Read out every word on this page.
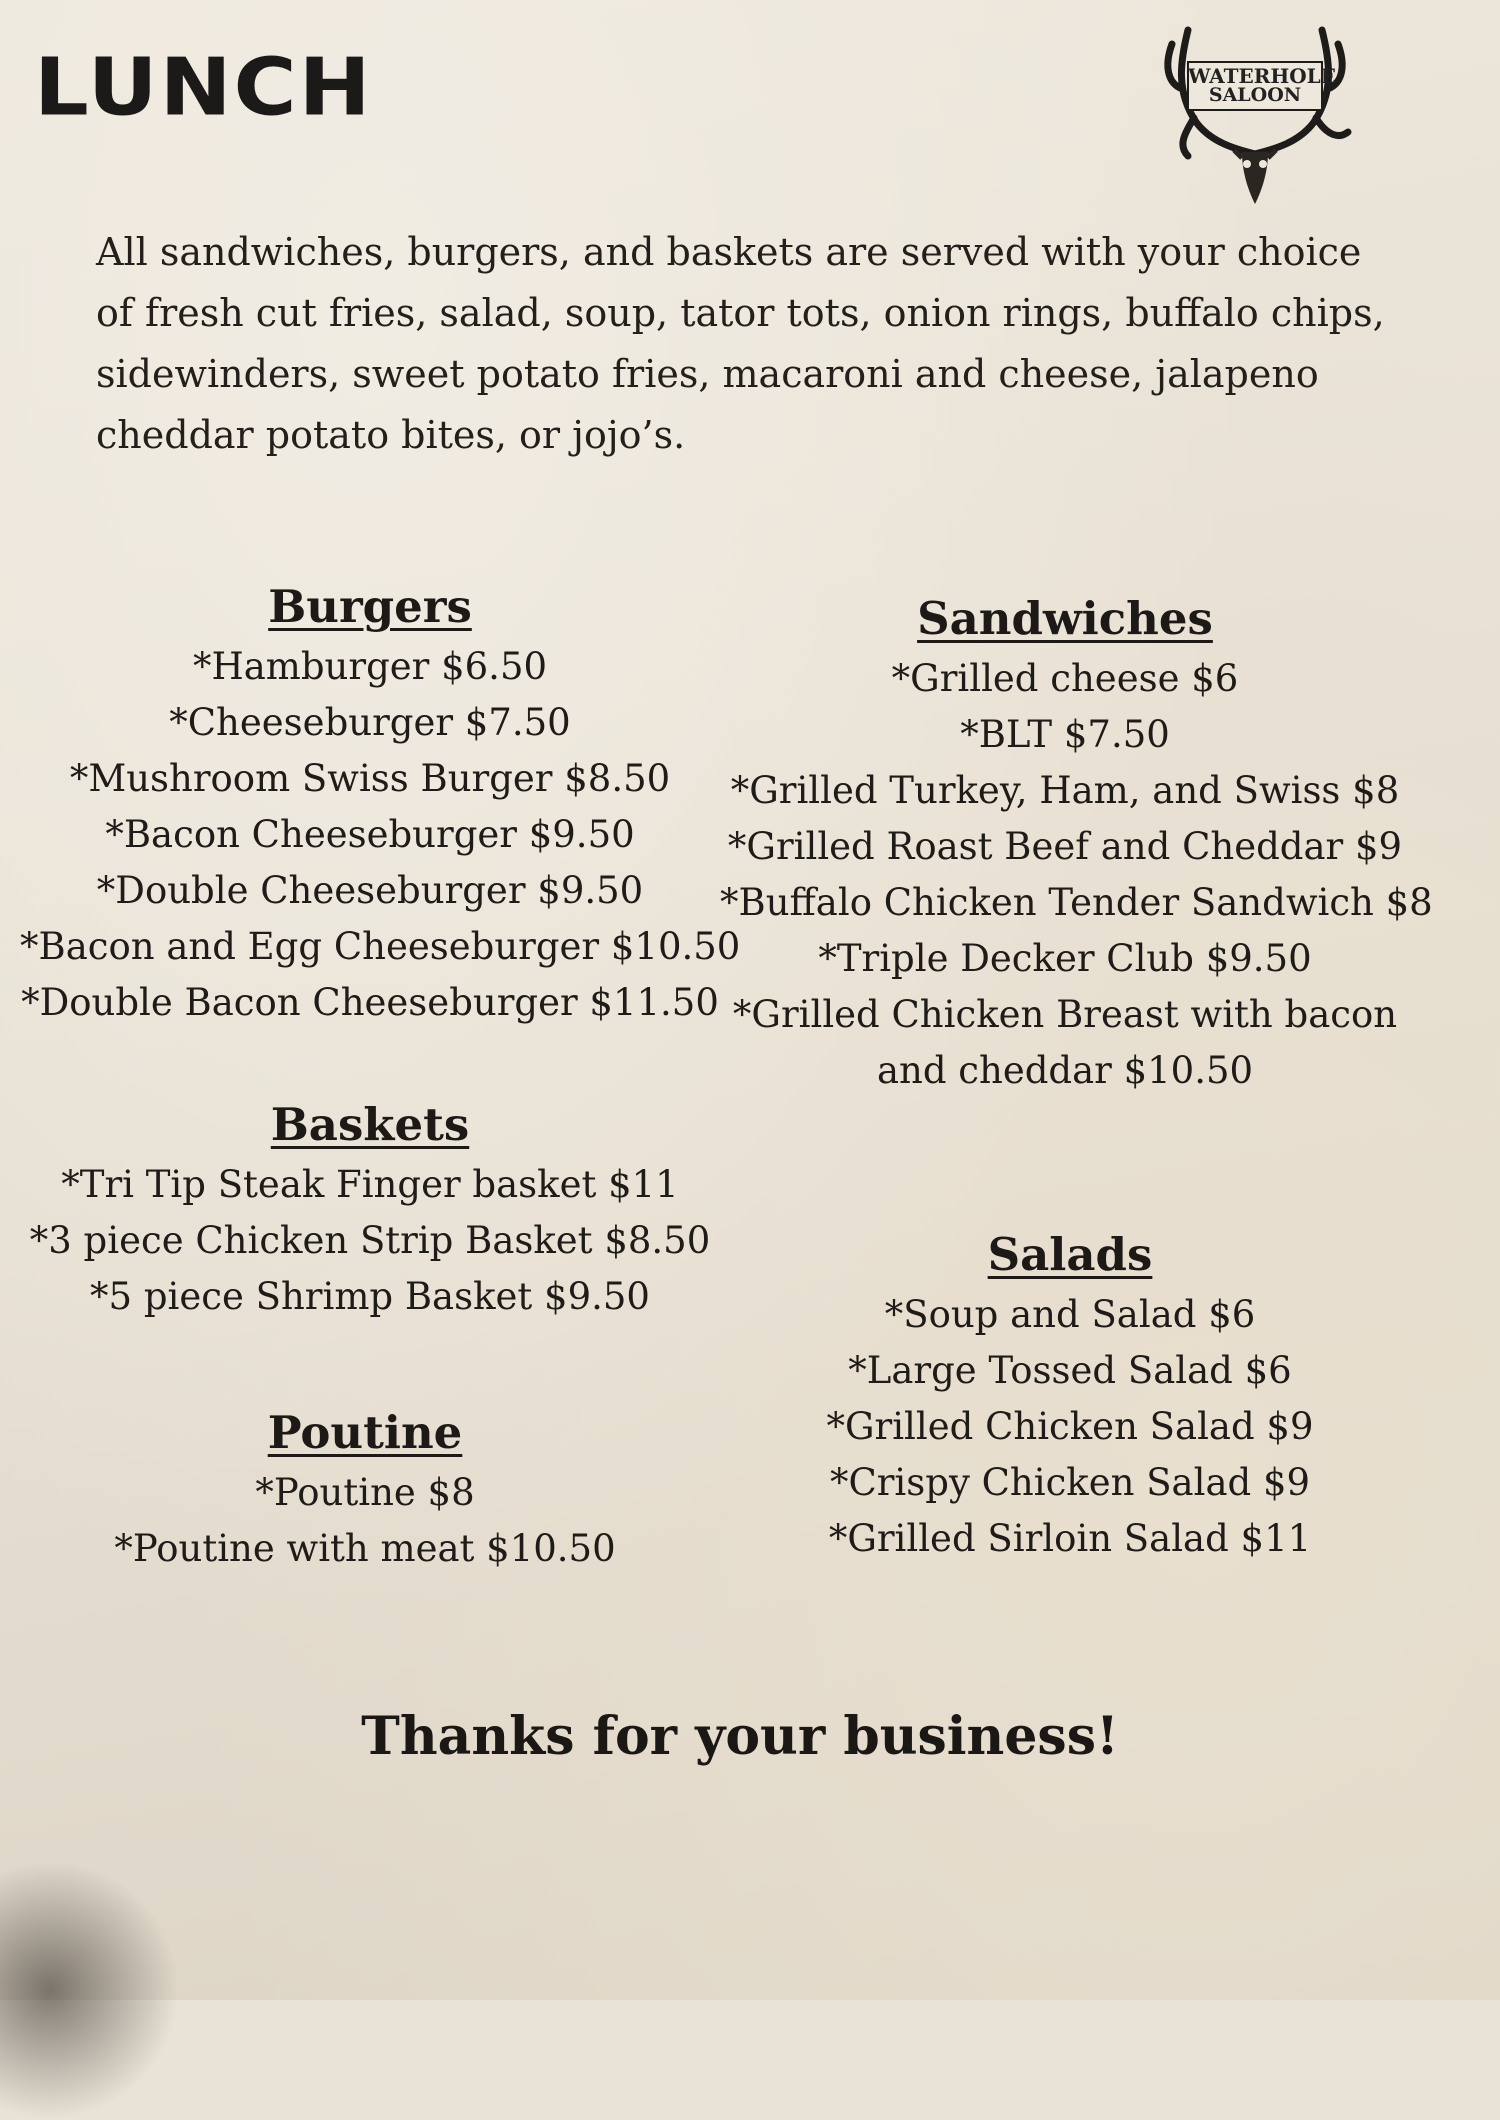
LUNCH	WATERHOLE
SALOON

All sandwiches, burgers, and baskets are served with your choice of fresh cut fries, salad, soup, tator tots, onion rings, buffalo chips, sidewinders, sweet potato fries, macaroni and cheese, jalapeno cheddar potato bites, or jojo’s.

Burgers
*Hamburger $6.50
*Cheeseburger $7.50
*Mushroom Swiss Burger $8.50
*Bacon Cheeseburger $9.50
*Double Cheeseburger $9.50
*Bacon and Egg Cheeseburger $10.50
*Double Bacon Cheeseburger $11.50
Baskets
*Tri Tip Steak Finger basket $11
*3 piece Chicken Strip Basket $8.50
*5 piece Shrimp Basket $9.50
Poutine
*Poutine $8
*Poutine with meat $10.50
Sandwiches
*Grilled cheese $6
*BLT $7.50
*Grilled Turkey, Ham, and Swiss $8
*Grilled Roast Beef and Cheddar $9
*Buffalo Chicken Tender Sandwich $8
*Triple Decker Club $9.50
*Grilled Chicken Breast with bacon and cheddar $10.50
Salads
*Soup and Salad $6
*Large Tossed Salad $6
*Grilled Chicken Salad $9
*Crispy Chicken Salad $9
*Grilled Sirloin Salad $11

Thanks for your business!
